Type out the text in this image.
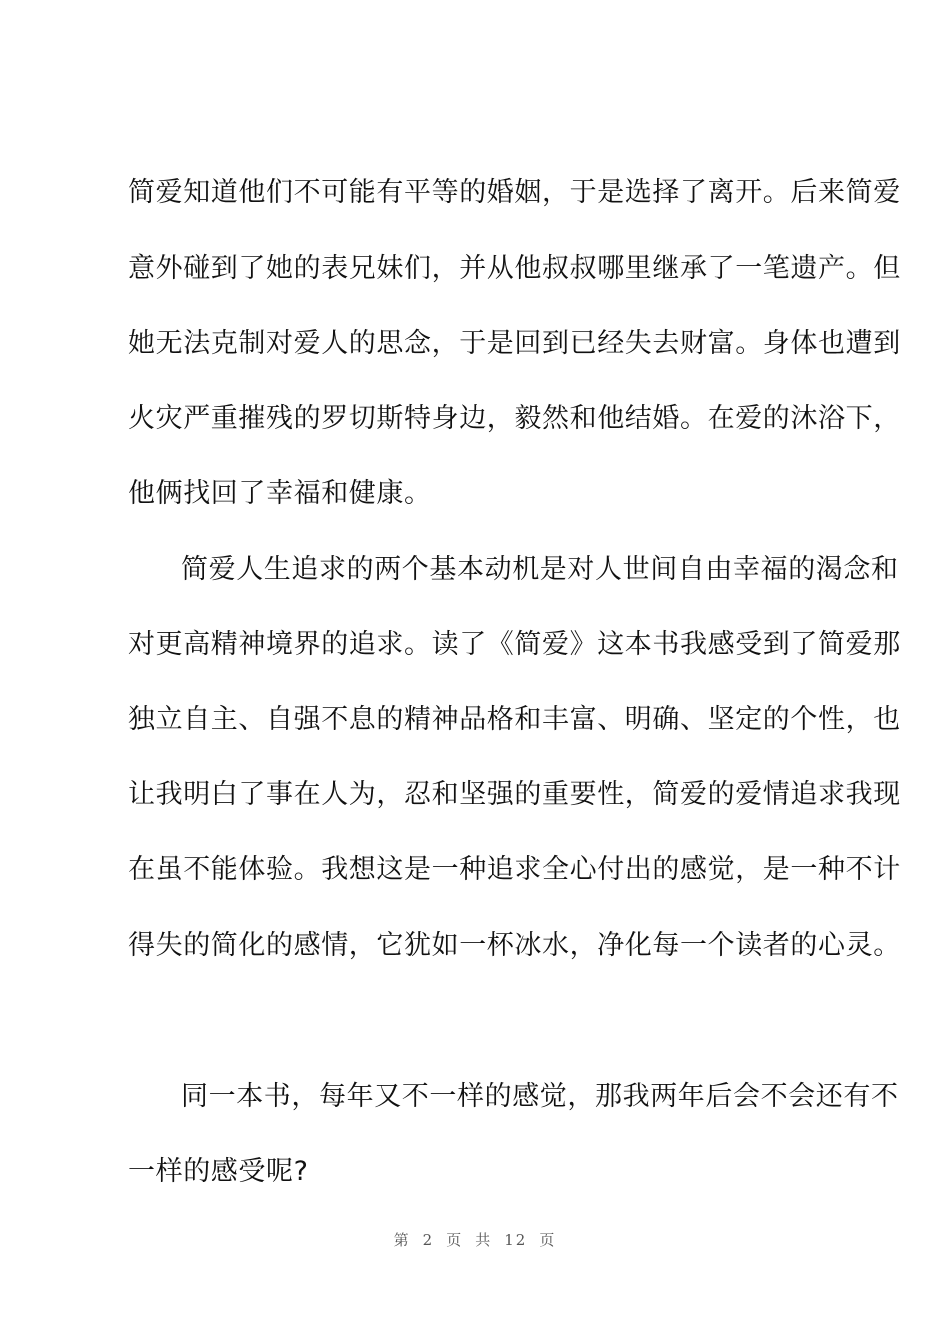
简爱知道他们不可能有平等的婚姻，于是选择了离开。后来简爱
意外碰到了她的表兄妹们，并从他叔叔哪里继承了一笔遗产。但
她无法克制对爱人的思念，于是回到已经失去财富。身体也遭到
火灾严重摧残的罗切斯特身边，毅然和他结婚。在爱的沐浴下，
他俩找回了幸福和健康。
简爱人生追求的两个基本动机是对人世间自由幸福的渴念和
对更高精神境界的追求。读了《简爱》这本书我感受到了简爱那
独立自主、自强不息的精神品格和丰富、明确、坚定的个性，也
让我明白了事在人为，忍和坚强的重要性，简爱的爱情追求我现
在虽不能体验。我想这是一种追求全心付出的感觉，是一种不计
得失的简化的感情，它犹如一杯冰水，净化每一个读者的心灵。
同一本书，每年又不一样的感觉，那我两年后会不会还有不
一样的感受呢?
第 2 页 共 12 页
